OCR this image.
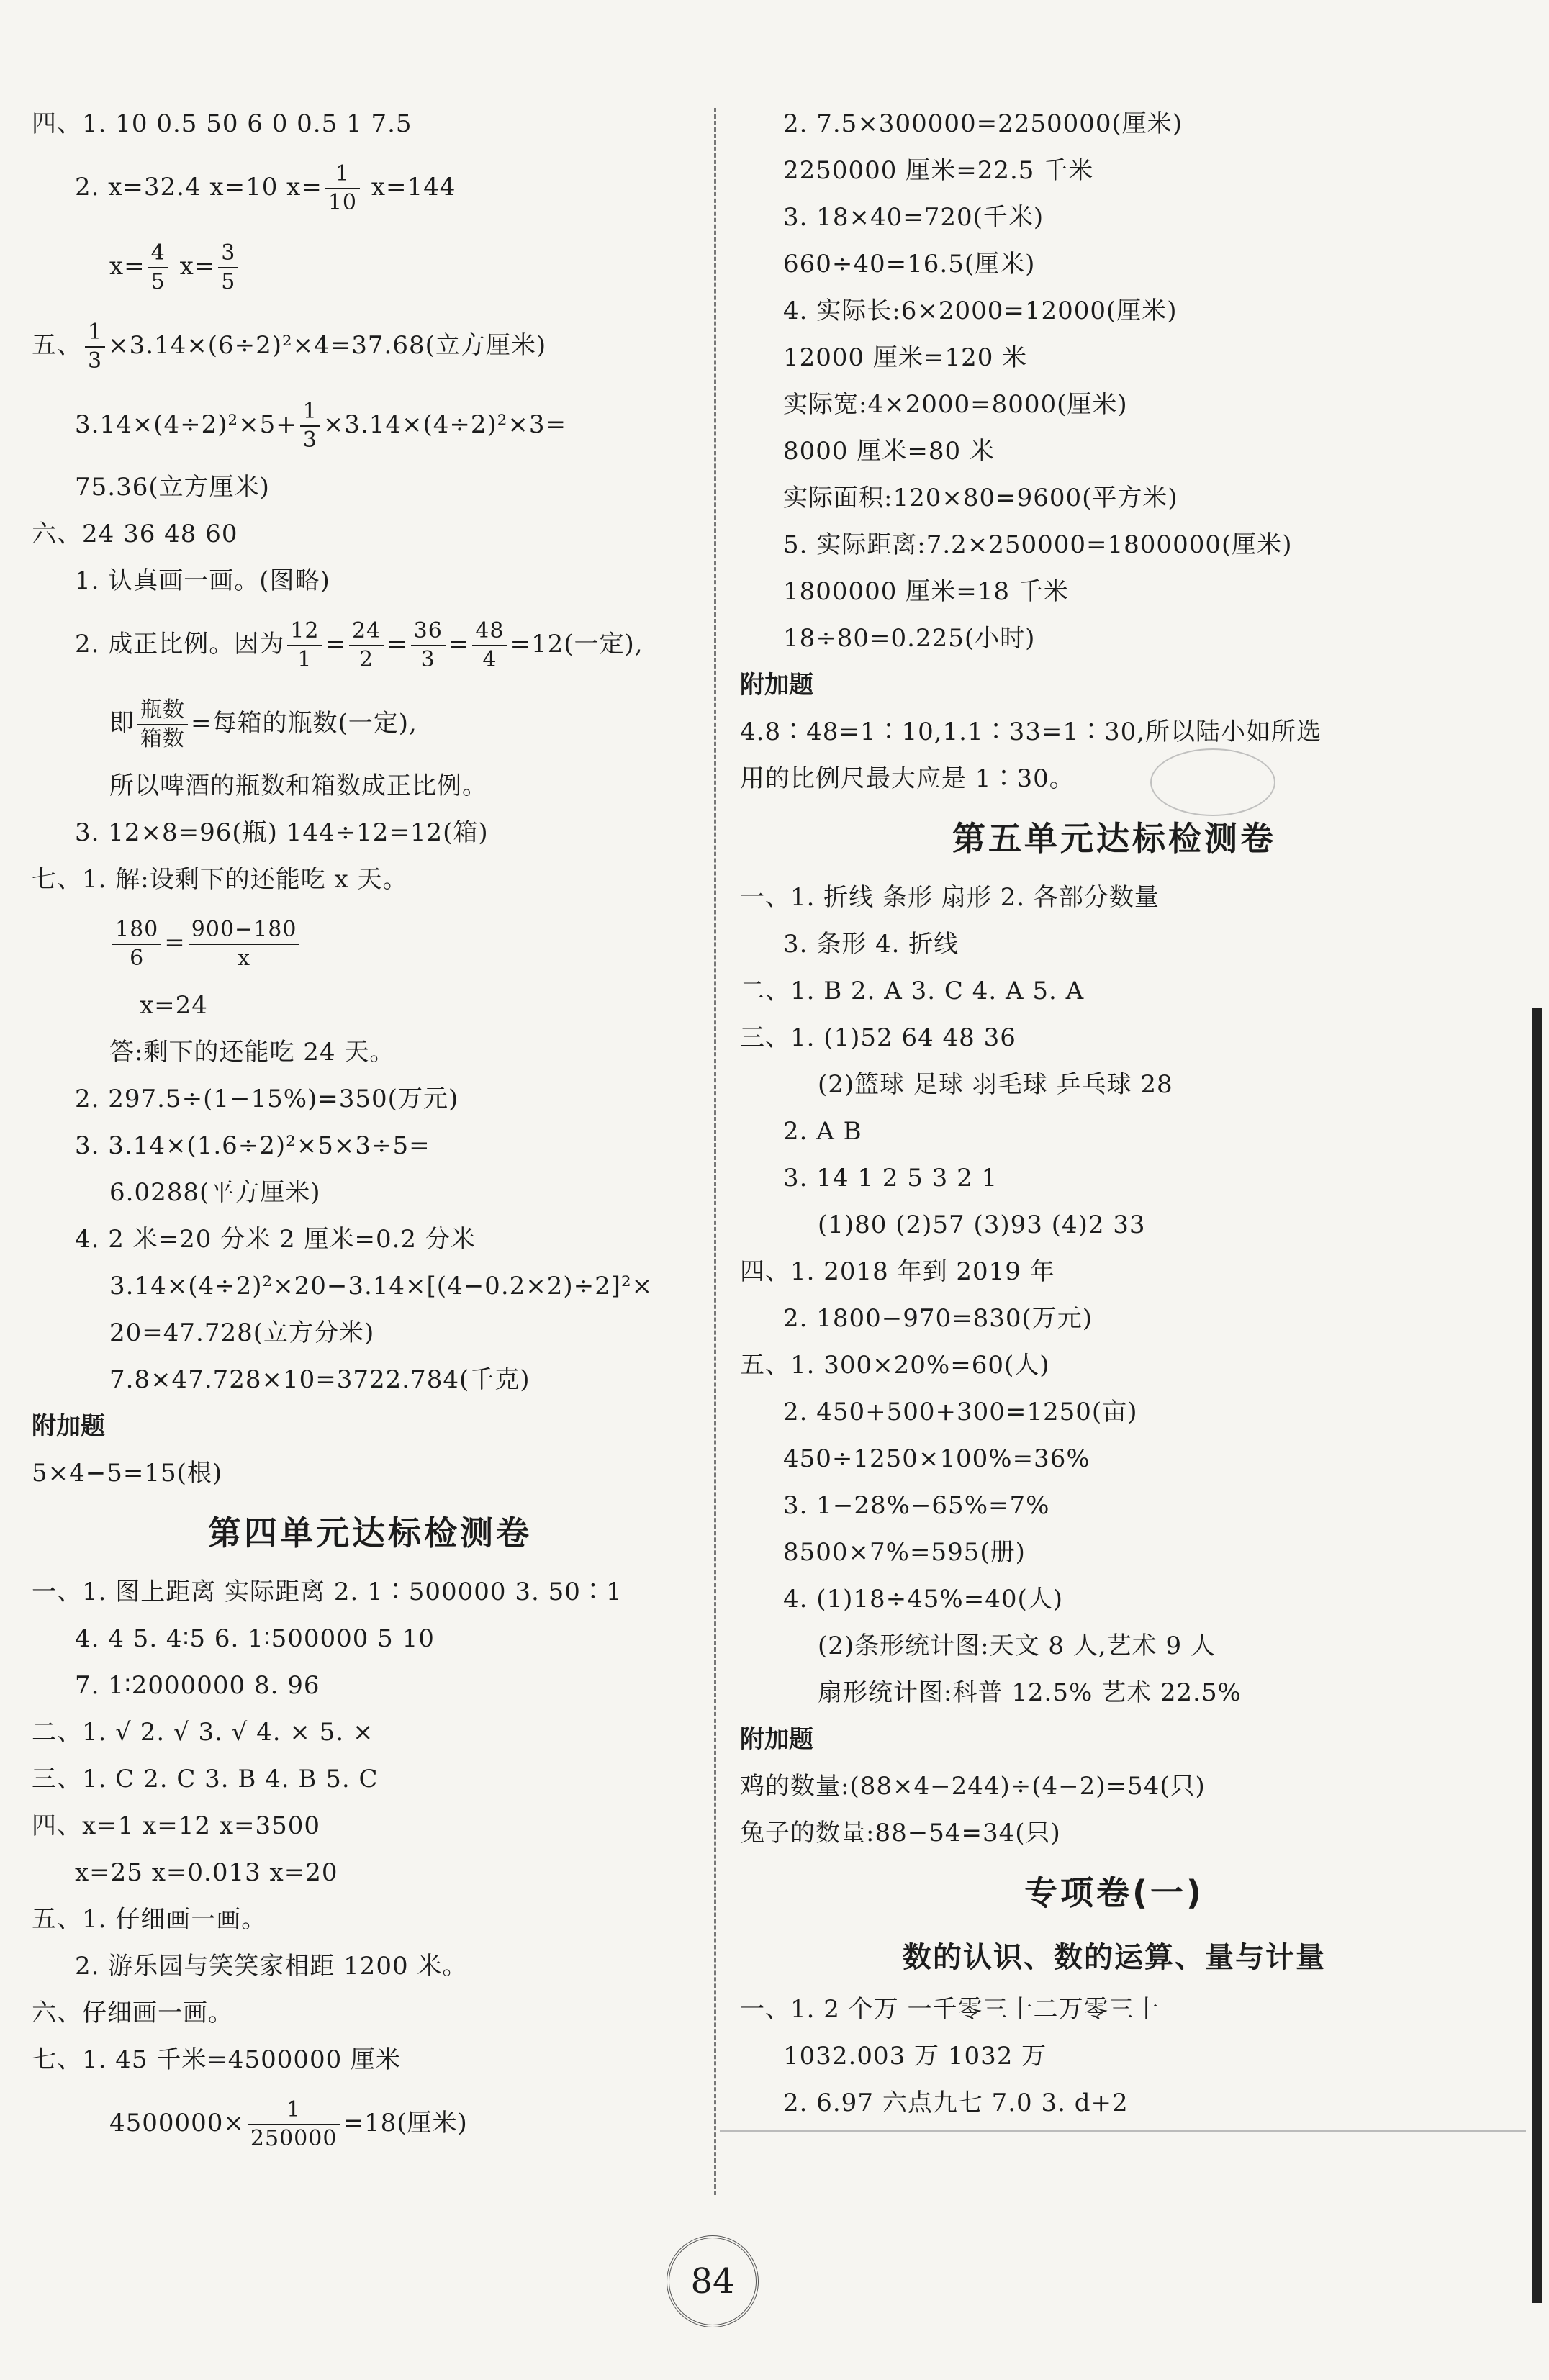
四、1. 10 0.5 50 6 0 0.5 1 7.5
2. x=32.4 x=10 $x= \frac{1}{10} x=144$
$x= \frac{4}{5} x= \frac{3}{5}$
五、 $\frac{1}{3} \times 3.14\times(6\div 2)^2\times 4=37.68$(立方厘米)
$3.14\times(4\div 2)^2\times 5+ \frac{1}{3} \times 3.14\times(4\div 2)^2\times 3=$
75.36(立方厘米)
六、24 36 48 60
1. 认真画一画。(图略)
2. 成正比例。因为 $\frac{12}{1} = \frac{24}{2} = \frac{36}{3} = \frac{48}{4} =12$(一定),
即 瓶数
箱数
=每箱的瓶数(一定),
所以啤酒的瓶数和箱数成正比例。
3. 12×8=96(瓶) 144÷12=12(箱)
七、1. 解:设剩下的还能吃 x 天。
$\frac{180}{6} = \frac{900-180}{x}$
x=24
答:剩下的还能吃 24 天。
2. 297.5÷(1−15%)=350(万元)
3. 3.14×(1.6÷2)²×5×3÷5=
6.0288(平方厘米)
4. 2 米=20 分米 2 厘米=0.2 分米
3.14×(4÷2)²×20−3.14×[(4−0.2×2)÷2]²×
20=47.728(立方分米)
7.8×47.728×10=3722.784(千克)
附加题
5×4−5=15(根)
第四单元达标检测卷
一、1. 图上距离 实际距离 2. 1∶500000 3. 50∶1
4. 4 5. 4∶5 6. 1∶500000 5 10
7. 1∶2000000 8. 96
二、1. √ 2. √ 3. √ 4. × 5. ×
三、1. C 2. C 3. B 4. B 5. C
四、x=1 x=12 x=3500
x=25 x=0.013 x=20
五、1. 仔细画一画。
2. 游乐园与笑笑家相距 1200 米。
六、仔细画一画。
七、1. 45 千米=4500000 厘米
$4500000\times \frac{1}{250000} =18$(厘米)
2. 7.5×300000=2250000(厘米)
2250000 厘米=22.5 千米
3. 18×40=720(千米)
660÷40=16.5(厘米)
4. 实际长:6×2000=12000(厘米)
12000 厘米=120 米
实际宽:4×2000=8000(厘米)
8000 厘米=80 米
实际面积:120×80=9600(平方米)
5. 实际距离:7.2×250000=1800000(厘米)
1800000 厘米=18 千米
18÷80=0.225(小时)
附加题
4.8∶48=1∶10,1.1∶33=1∶30,所以陆小如所选
用的比例尺最大应是 1∶30。
第五单元达标检测卷
一、1. 折线 条形 扇形 2. 各部分数量
3. 条形 4. 折线
二、1. B 2. A 3. C 4. A 5. A
三、1. (1)52 64 48 36
(2)篮球 足球 羽毛球 乒乓球 28
2. A B
3. 14 1 2 5 3 2 1
(1)80 (2)57 (3)93 (4)2 33
四、1. 2018 年到 2019 年
2. 1800−970=830(万元)
五、1. 300×20%=60(人)
2. 450+500+300=1250(亩)
450÷1250×100%=36%
3. 1−28%−65%=7%
8500×7%=595(册)
4. (1)18÷45%=40(人)
(2)条形统计图:天文 8 人,艺术 9 人
扇形统计图:科普 12.5% 艺术 22.5%
附加题
鸡的数量:(88×4−244)÷(4−2)=54(只)
兔子的数量:88−54=34(只)
专项卷(一)
数的认识、数的运算、量与计量
一、1. 2 个万 一千零三十二万零三十
1032.003 万 1032 万
2. 6.97 六点九七 7.0 3. d+2
84
